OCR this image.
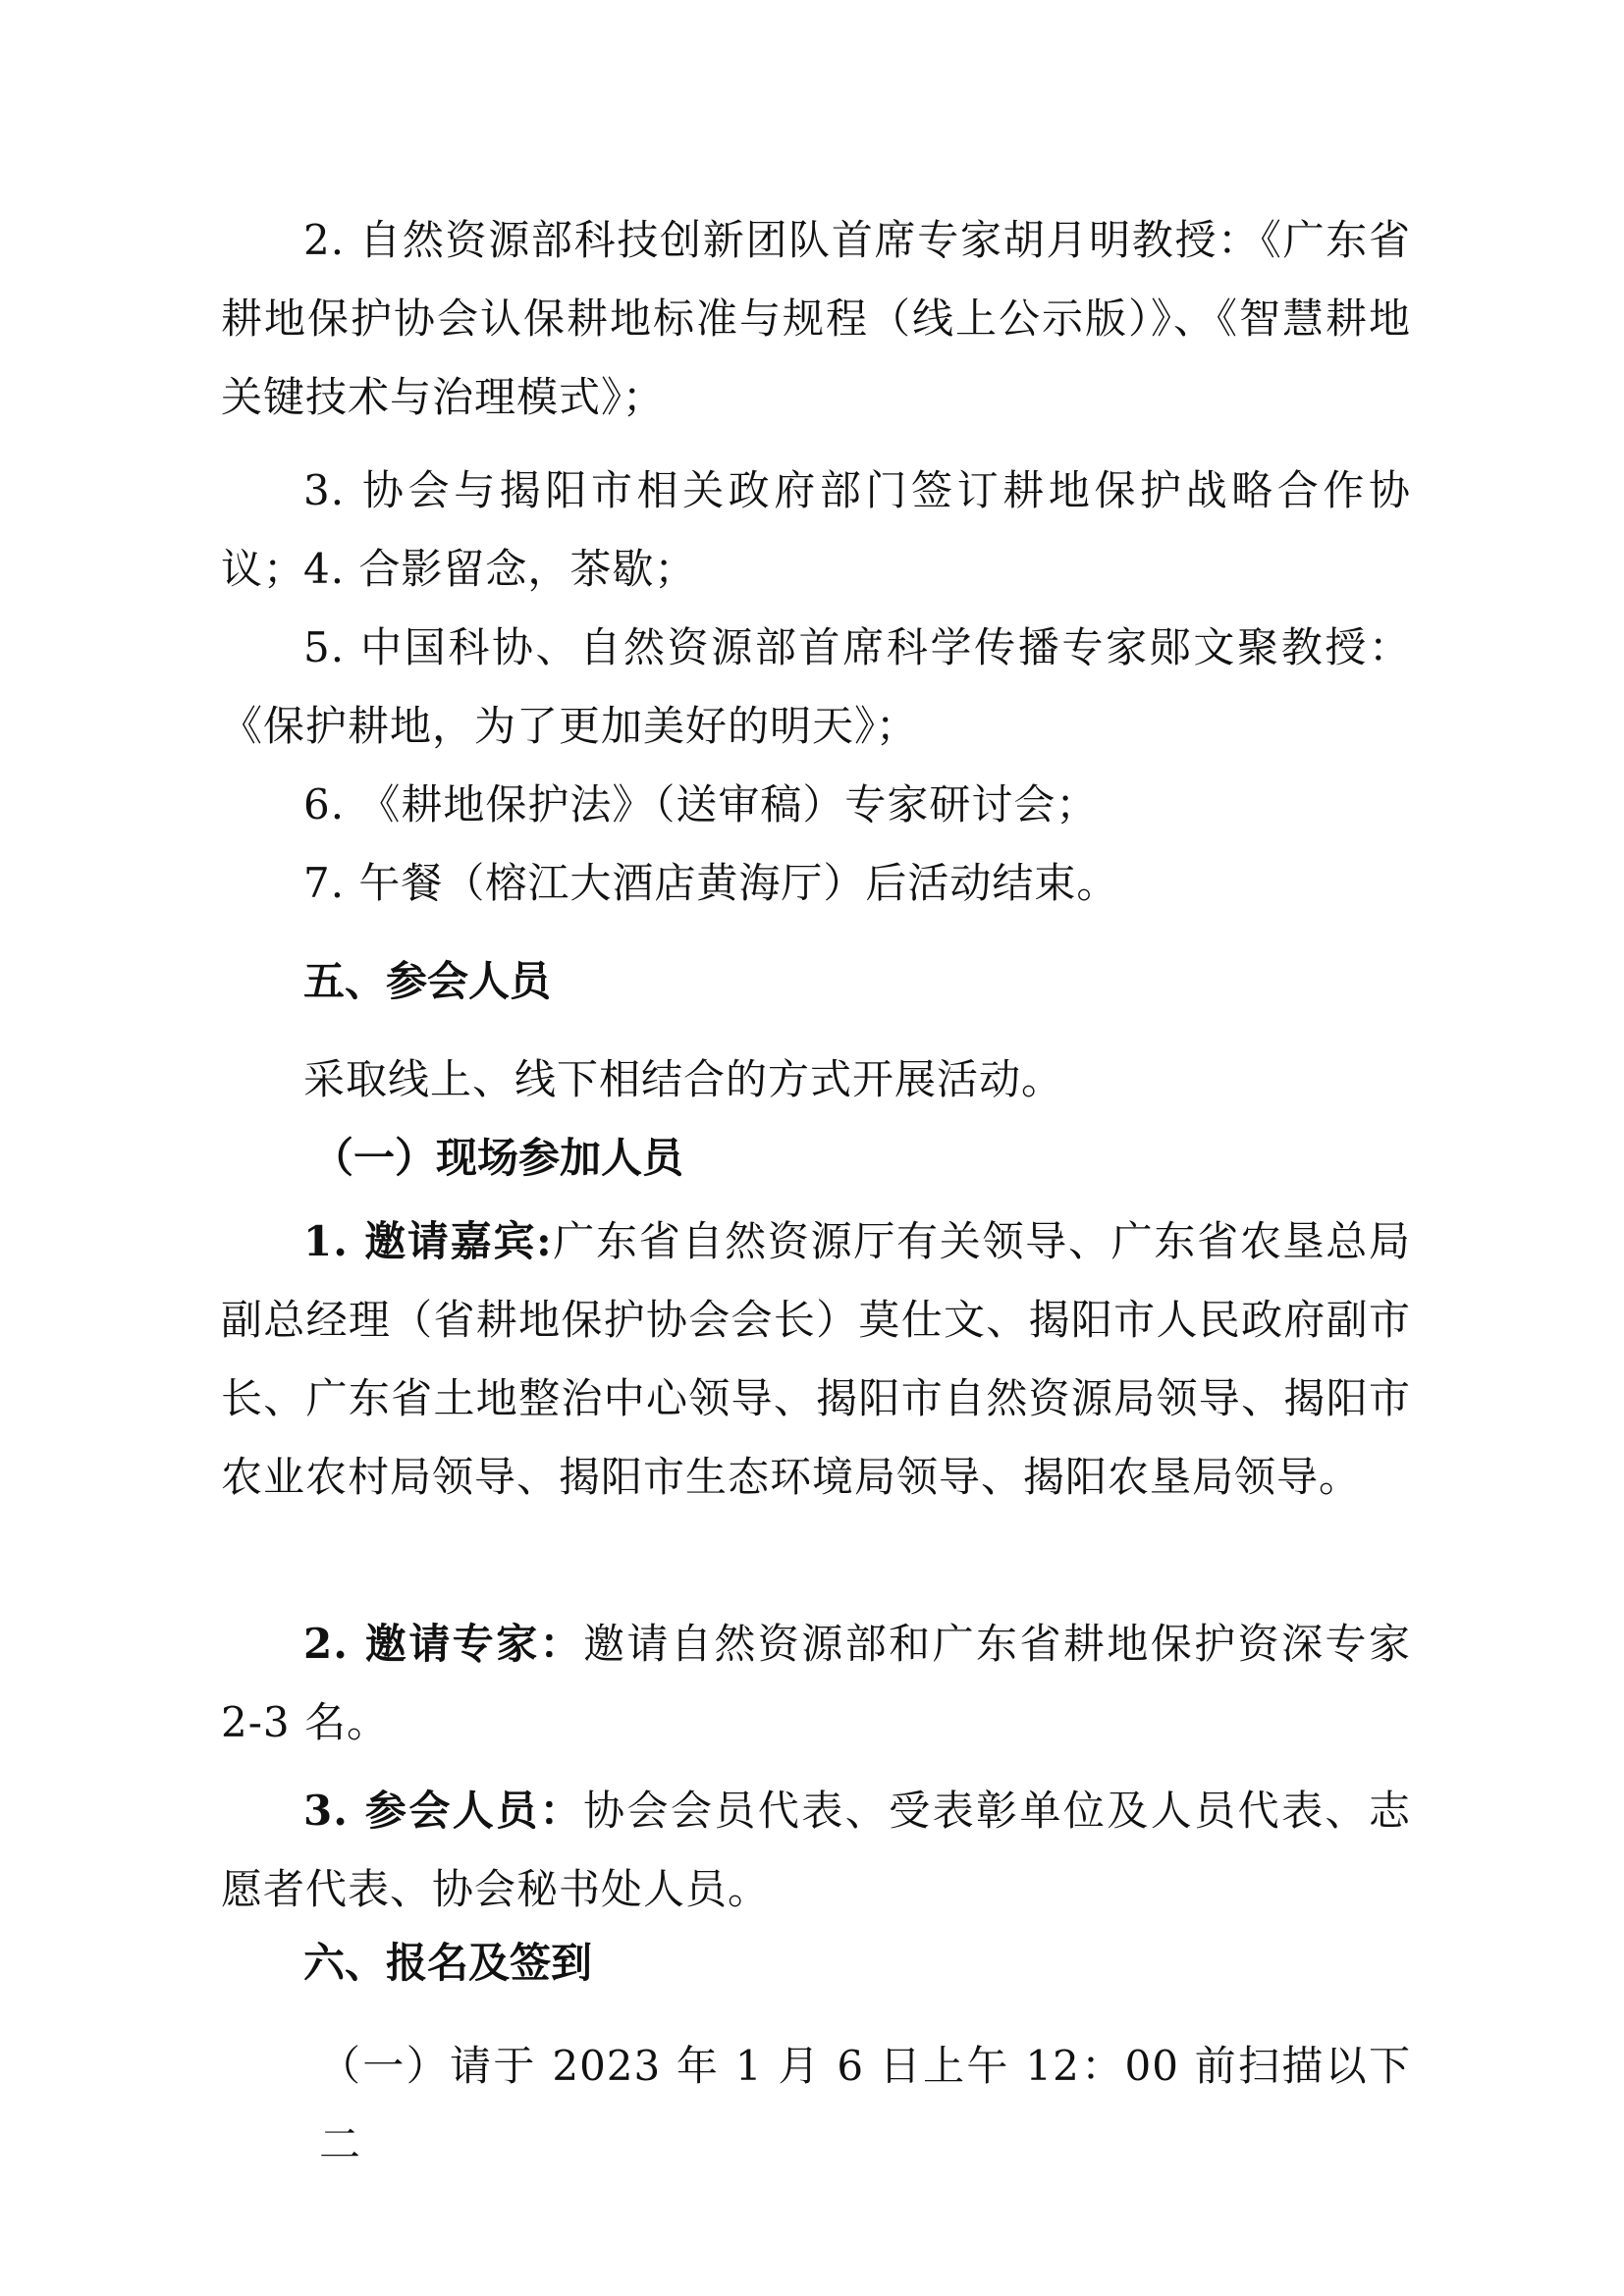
2. 自然资源部科技创新团队首席专家胡月明教授：《广东省耕地保护协会认保耕地标准与规程（线上公示版）》、《智慧耕地关键技术与治理模式》；

3. 协会与揭阳市相关政府部门签订耕地保护战略合作协议；

4. 合影留念，茶歇；

5. 中国科协、自然资源部首席科学传播专家郧文聚教授：《保护耕地，为了更加美好的明天》；

6. 《耕地保护法》（送审稿）专家研讨会；

7. 午餐（榕江大酒店黄海厅）后活动结束。

五、参会人员

采取线上、线下相结合的方式开展活动。

（一）现场参加人员

1. 邀请嘉宾:广东省自然资源厅有关领导、广东省农垦总局副总经理（省耕地保护协会会长）莫仕文、揭阳市人民政府副市长、广东省土地整治中心领导、揭阳市自然资源局领导、揭阳市农业农村局领导、揭阳市生态环境局领导、揭阳农垦局领导。

2. 邀请专家：邀请自然资源部和广东省耕地保护资深专家2-3 名。

3. 参会人员：协会会员代表、受表彰单位及人员代表、志愿者代表、协会秘书处人员。

六、报名及签到

（一）请于 2023 年 1 月 6 日上午 12：00 前扫描以下二
